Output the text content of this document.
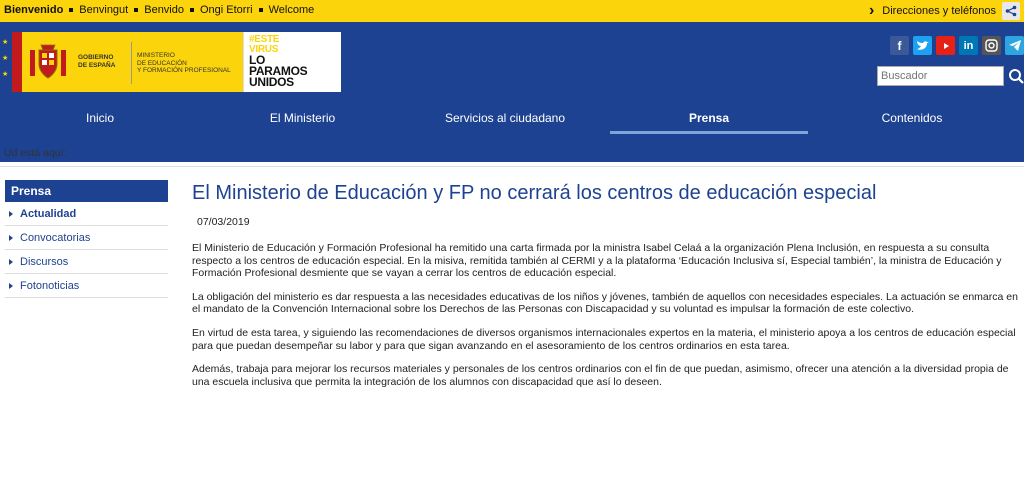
Bienvenido Benvingut Benvido Ongi Etorri Welcome	› Direcciones y teléfonos
★
★
★
GOBIERNO
DE ESPAÑA
MINISTERIO
DE EDUCACIÓN
Y FORMACIÓN PROFESIONAL
#ESTE
VIRUS
LO
PARAMOS
UNIDOS
f	in
Buscador
Inicio	El Ministerio	Servicios al ciudadano	Prensa	Contenidos
Ud está aquí: Inicio Prensa Actualidad El Ministerio de Educación y FP no cerrará los centros de educación especial
Prensa
Actualidad
Convocatorias
Discursos
Fotonoticias
El Ministerio de Educación y FP no cerrará los centros de educación especial
07/03/2019

El Ministerio de Educación y Formación Profesional ha remitido una carta firmada por la ministra Isabel Celaá a la organización Plena Inclusión, en respuesta a su consulta respecto a los centros de educación especial. En la misiva, remitida también al CERMI y a la plataforma ‘Educación Inclusiva sí, Especial también’, la ministra de Educación y Formación Profesional desmiente que se vayan a cerrar los centros de educación especial.

La obligación del ministerio es dar respuesta a las necesidades educativas de los niños y jóvenes, también de aquellos con necesidades especiales. La actuación se enmarca en el mandato de la Convención Internacional sobre los Derechos de las Personas con Discapacidad y su voluntad es impulsar la formación de este colectivo.

En virtud de esta tarea, y siguiendo las recomendaciones de diversos organismos internacionales expertos en la materia, el ministerio apoya a los centros de educación especial para que puedan desempeñar su labor y para que sigan avanzando en el asesoramiento de los centros ordinarios en esta tarea.

Además, trabaja para mejorar los recursos materiales y personales de los centros ordinarios con el fin de que puedan, asimismo, ofrecer una atención a la diversidad propia de una escuela inclusiva que permita la integración de los alumnos con discapacidad que así lo deseen.
